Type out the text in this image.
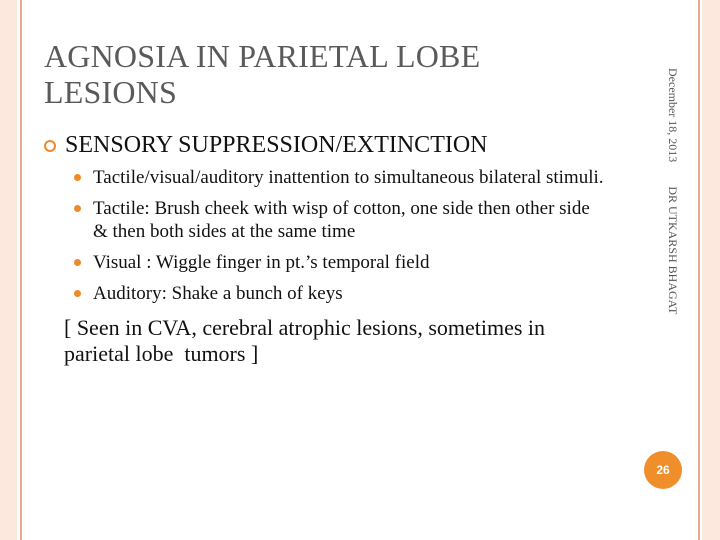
AGNOSIA IN PARIETAL LOBE LESIONS	December 18, 2013DR UTKARSH BHAGAT
SENSORY SUPPRESSION/EXTINCTION
Tactile/visual/auditory inattention to simultaneous bilateral stimuli.
Tactile: Brush cheek with wisp of cotton, one side then other side & then both sides at the same time
Visual : Wiggle finger in pt.’s temporal field
Auditory: Shake a bunch of keys
[ Seen in CVA, cerebral atrophic lesions, sometimes in parietal lobe  tumors ]
26
